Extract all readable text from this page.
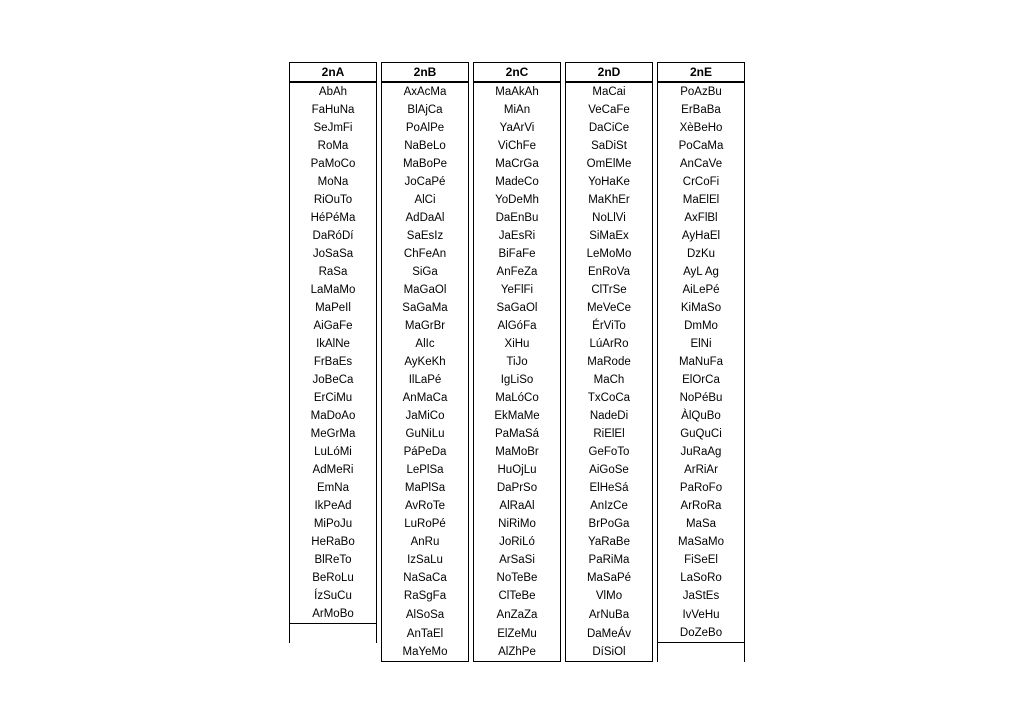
2nA	2nB	2nC	2nD	2nE
AbAh	AxAcMa	MaAkAh	MaCai	PoAzBu
FaHuNa	BlAjCa	MiAn	VeCaFe	ErBaBa
SeJmFi	PoAlPe	YaArVi	DaCiCe	XèBeHo
RoMa	NaBeLo	ViChFe	SaDiSt	PoCaMa
PaMoCo	MaBoPe	MaCrGa	OmElMe	AnCaVe
MoNa	JoCaPé	MadeCo	YoHaKe	CrCoFi
RiOuTo	AlCi	YoDeMh	MaKhEr	MaElEl
HéPéMa	AdDaAl	DaEnBu	NoLlVi	AxFlBl
DaRóDí	SaEsIz	JaEsRi	SiMaEx	AyHaEl
JoSaSa	ChFeAn	BiFaFe	LeMoMo	DzKu
RaSa	SiGa	AnFeZa	EnRoVa	AyL Ag
LaMaMo	MaGaOl	YeFlFi	ClTrSe	AiLePé
MaPeIl	SaGaMa	SaGaOl	MeVeCe	KiMaSo
AiGaFe	MaGrBr	AlGóFa	ÉrViTo	DmMo
IkAlNe	AlIc	XiHu	LúArRo	ElNi
FrBaEs	AyKeKh	TiJo	MaRode	MaNuFa
JoBeCa	IlLaPé	IgLiSo	MaCh	ElOrCa
ErCiMu	AnMaCa	MaLóCo	TxCoCa	NoPéBu
MaDoAo	JaMiCo	EkMaMe	NadeDi	ÀlQuBo
MeGrMa	GuNiLu	PaMaSá	RiElEl	GuQuCi
LuLóMi	PáPeDa	MaMoBr	GeFoTo	JuRaAg
AdMeRi	LePlSa	HuOjLu	AiGoSe	ArRiAr
EmNa	MaPlSa	DaPrSo	ElHeSá	PaRoFo
IkPeAd	AvRoTe	AlRaAl	AnIzCe	ArRoRa
MiPoJu	LuRoPé	NiRiMo	BrPoGa	MaSa
HeRaBo	AnRu	JoRiLó	YaRaBe	MaSaMo
BlReTo	IzSaLu	ArSaSi	PaRiMa	FiSeEl
BeRoLu	NaSaCa	NoTeBe	MaSaPé	LaSoRo
ÍzSuCu	RaSgFa	ClTeBe	VlMo	JaStEs
ArMoBo	AlSoSa	AnZaZa	ArNuBa	IvVeHu
	AnTaEl	ElZeMu	DaMeÁv	DoZeBo
	MaYeMo	AlZhPe	DíSiOl	
